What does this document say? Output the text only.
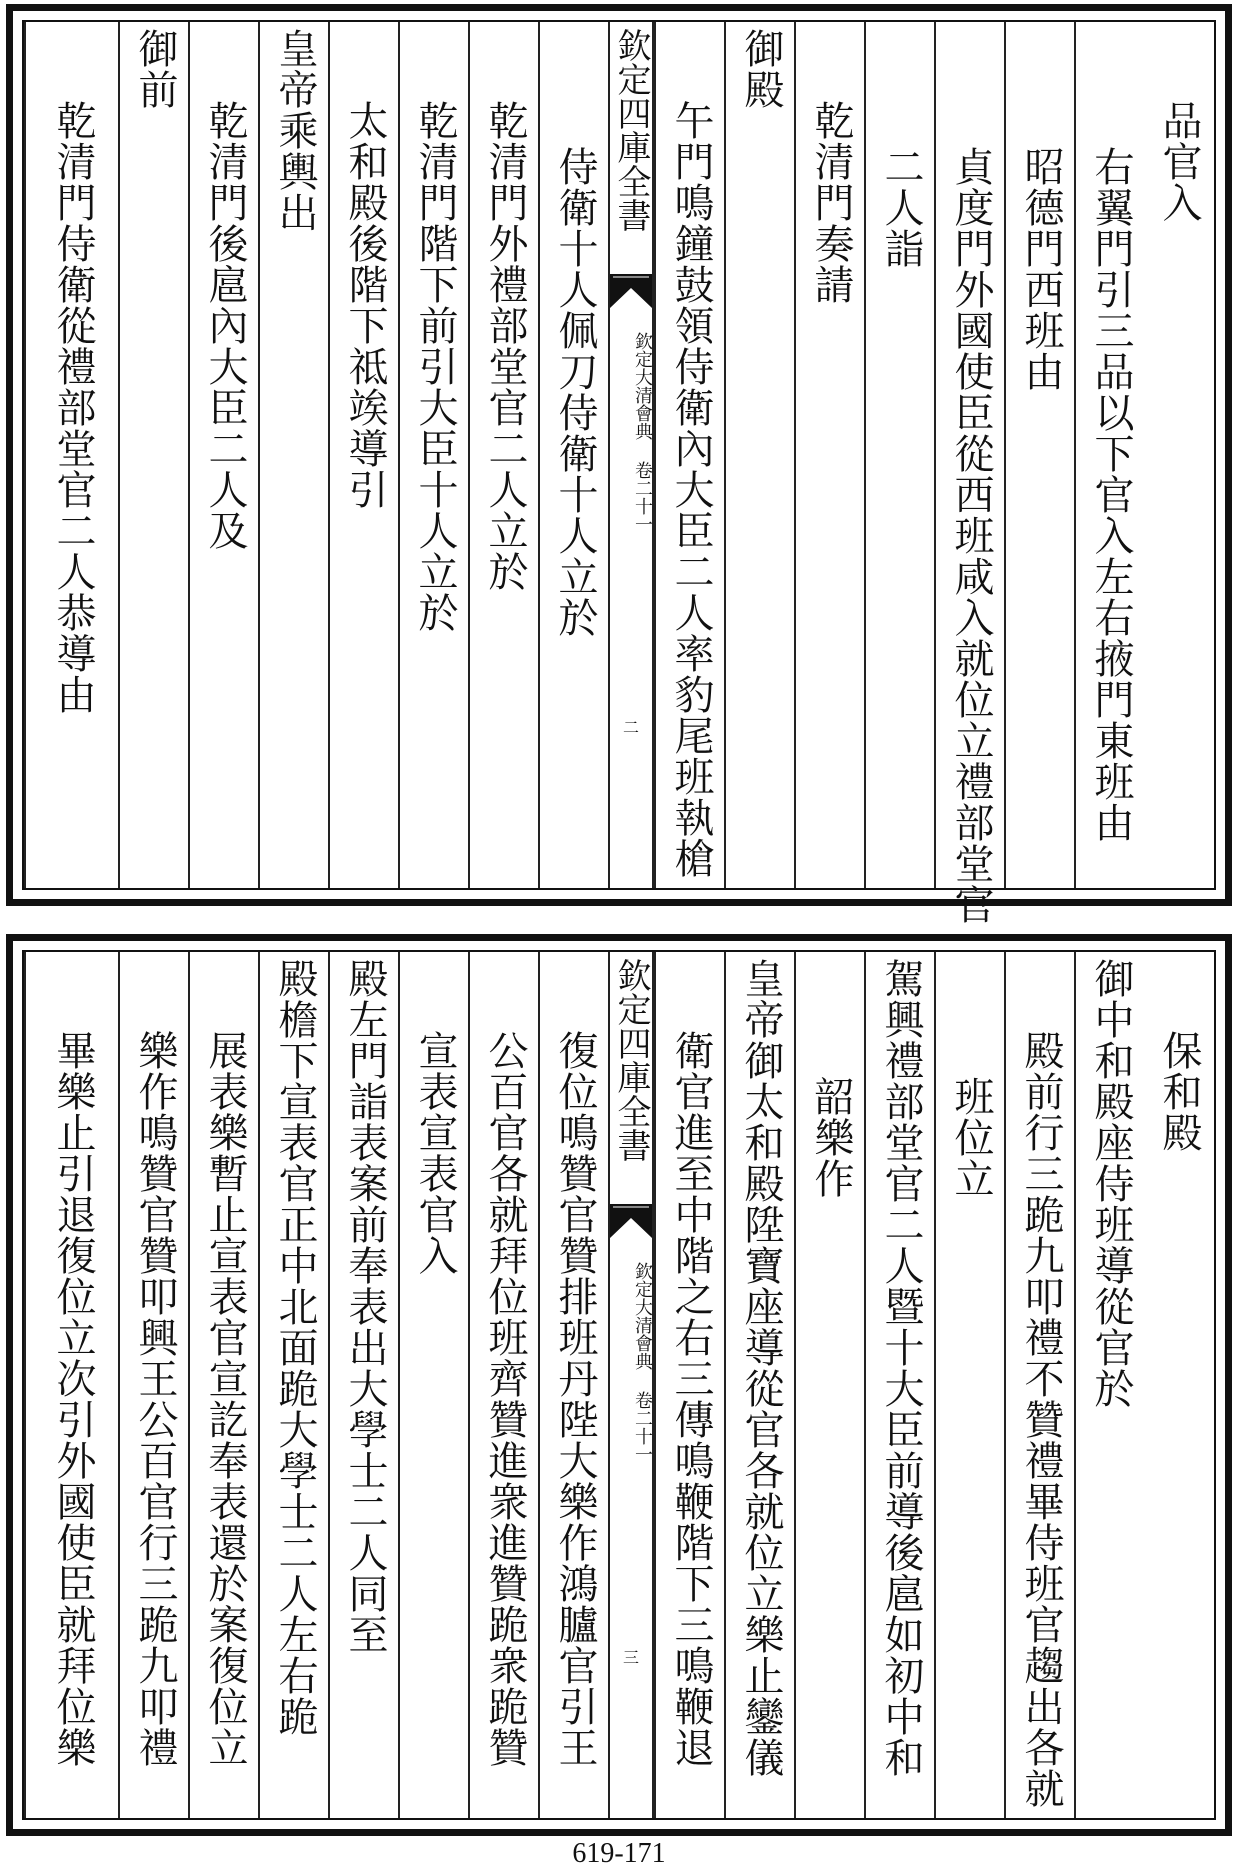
品官入
右翼門引三品以下官入左右掖門東班由
昭德門西班由
貞度門外國使臣從西班咸入就位立禮部堂官
二人詣
乾清門奏請
御殿
午門鳴鐘鼓領侍衛內大臣二人率豹尾班執槍
欽定四庫全書
欽定大清會典 卷二十一
二
侍衛十人佩刀侍衛十人立於
乾清門外禮部堂官二人立於
乾清門階下前引大臣十人立於
太和殿後階下祗竢導引
皇帝乘輿出
乾清門後扈內大臣二人及
御前
乾清門侍衛從禮部堂官二人恭導由
保和殿
御中和殿座侍班導從官於
殿前行三跪九叩禮不贊禮畢侍班官趨出各就
班位立
駕興禮部堂官二人暨十大臣前導後扈如初中和
韶樂作
皇帝御太和殿陞寶座導從官各就位立樂止鑾儀
衛官進至中階之右三傳鳴鞭階下三鳴鞭退
欽定四庫全書
欽定大清會典 卷二十一
三
復位鳴贊官贊排班丹陛大樂作鴻臚官引王
公百官各就拜位班齊贊進衆進贊跪衆跪贊
宣表宣表官入
殿左門詣表案前奉表出大學士二人同至
殿檐下宣表官正中北面跪大學士二人左右跪
展表樂暫止宣表官宣訖奉表還於案復位立
樂作鳴贊官贊叩興王公百官行三跪九叩禮
畢樂止引退復位立次引外國使臣就拜位樂
619-171
